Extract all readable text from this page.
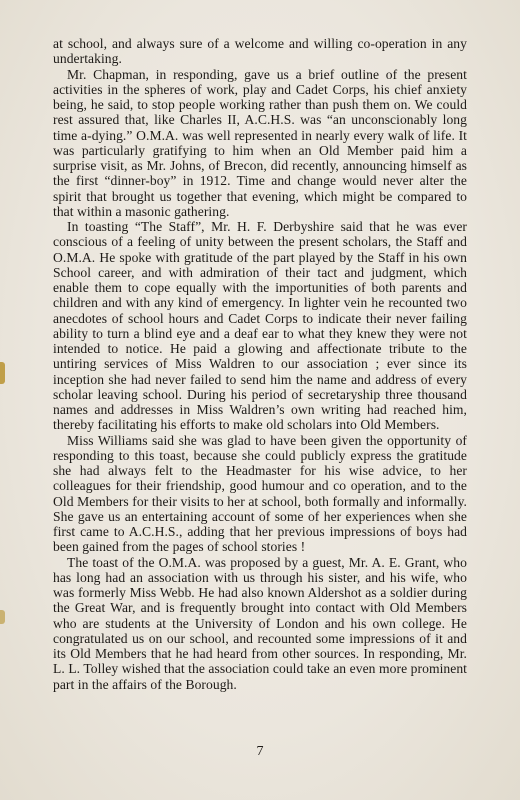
at school, and always sure of a welcome and willing co-operation in any undertaking.

Mr. Chapman, in responding, gave us a brief outline of the present activities in the spheres of work, play and Cadet Corps, his chief anxiety being, he said, to stop people working rather than push them on. We could rest assured that, like Charles II, A.C.H.S. was “an unconscionably long time a-dying.” O.M.A. was well represented in nearly every walk of life. It was particularly gratifying to him when an Old Member paid him a surprise visit, as Mr. Johns, of Brecon, did recently, announcing himself as the first “dinner-boy” in 1912. Time and change would never alter the spirit that brought us together that evening, which might be compared to that within a masonic gathering.

In toasting “The Staff”, Mr. H. F. Derbyshire said that he was ever conscious of a feeling of unity between the present scholars, the Staff and O.M.A. He spoke with gratitude of the part played by the Staff in his own School career, and with admiration of their tact and judgment, which enable them to cope equally with the importunities of both parents and children and with any kind of emergency. In lighter vein he recounted two anecdotes of school hours and Cadet Corps to indicate their never failing ability to turn a blind eye and a deaf ear to what they knew they were not intended to notice. He paid a glowing and affectionate tribute to the untiring services of Miss Waldren to our association ; ever since its inception she had never failed to send him the name and address of every scholar leaving school. During his period of secretaryship three thousand names and addresses in Miss Waldren’s own writing had reached him, thereby facilitating his efforts to make old scholars into Old Members.

Miss Williams said she was glad to have been given the opportunity of responding to this toast, because she could publicly express the gratitude she had always felt to the Headmaster for his wise advice, to her colleagues for their friendship, good humour and co operation, and to the Old Members for their visits to her at school, both formally and informally. She gave us an entertaining account of some of her experiences when she first came to A.C.H.S., adding that her previous impressions of boys had been gained from the pages of school stories !

The toast of the O.M.A. was proposed by a guest, Mr. A. E. Grant, who has long had an association with us through his sister, and his wife, who was formerly Miss Webb. He had also known Aldershot as a soldier during the Great War, and is frequently brought into contact with Old Members who are students at the University of London and his own college. He congratulated us on our school, and recounted some impressions of it and its Old Members that he had heard from other sources. In responding, Mr. L. L. Tolley wished that the association could take an even more prominent part in the affairs of the Borough.

7
